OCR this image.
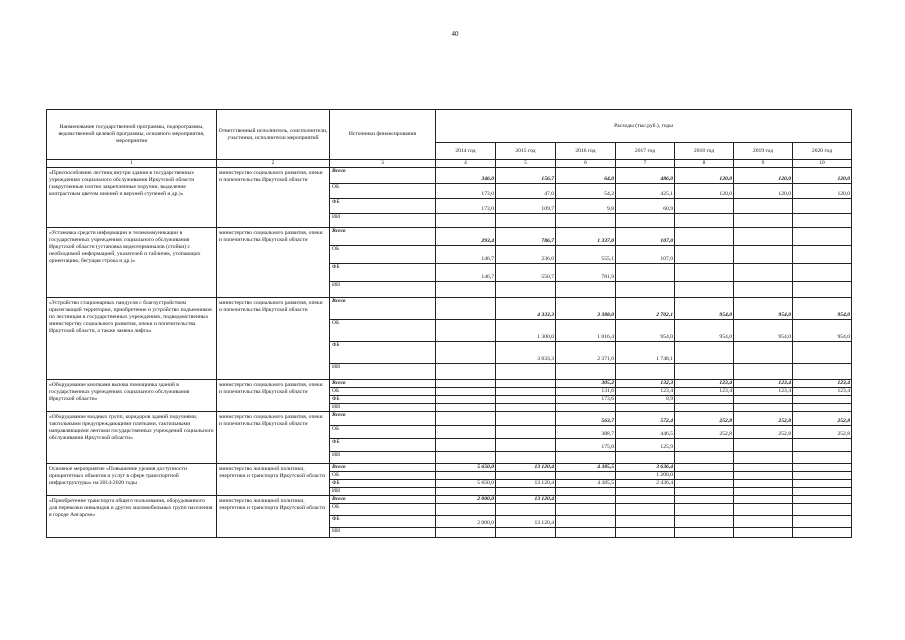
40
Наименование государственной программы, подпрограммы, ведомственной целевой программы, основного мероприятия, мероприятия	Ответственный исполнитель, соисполнители, участники, исполнители мероприятий	Источники финансирования	Расходы (тыс.руб.), годы						
			2014 год	2015 год	2016 год	2017 год	2018 год	2019 год	2020 год
1	2	3	4	5	6	7	8	9	10
«Приспособление лестниц внутри здания в государственных учреждениях социального обслуживания Иркутской области (закругленные плотно закрепленные поручни, выделение контрастным цветом нижней и верхней ступеней и др.)»	министерство социального развития, опеки и попечительства Иркутской области	Всего	346,0	156,7	64,0	486,0	120,0	120,0	120,0
		ОБ	173,0	47,0	54,2	425,1	120,0	120,0	120,0
		ФБ	173,0	109,7	9,8	60,9			
		ИИ							
«Установка средств информации и телекоммуникации в государственных учреждениях социального обслуживания Иркутской области (установка видеотерминалов (стойки) с необходимой информацией, указателей и табличек, утопающих ориентацию, бегущая строка и др.)»	министерство социального развития, опеки и попечительства Иркутской области	Всего	293,4	786,7	1 337,0	107,0			
		ОБ	146,7	236,0	555,1	107,0			
		ФБ	146,7	550,7	781,9				
		ИИ							
«Устройство стационарных пандусов с благоустройством прилегающей территории, приобретение и устройство подъемников по лестницам в государственных учреждениях, подведомственных министерству социального развития, опеки и попечительства Иркутской области, а также замена лифта»	министерство социального развития, опеки и попечительства Иркутской области	Всего		4 333,3	3 388,0	2 702,1	954,0	954,0	954,0
		ОБ		1 300,0	1 016,4	954,0	954,0	954,0	954,0
		ФБ		3 033,3	2 371,6	1 748,1			
		ИИ							
«Оборудование кнопками вызова помощника зданий в государственных учреждениях социального обслуживания Иркутской области»	министерство социального развития, опеки и попечительства Иркутской области	Всего			305,2	132,3	123,4	123,4	123,4
		ОБ			131,6	123,4	123,4	123,4	123,4
		ФБ			173,6	8,9			
		ИИ							
«Оборудование входных групп, коридоров зданий поручнями, тактильными предупреждающими плитками, тактильными направляющими лентами государственных учреждений социального обслуживания Иркутской области»	министерство социального развития, опеки и попечительства Иркутской области	Всего			563,7	572,4	252,8	252,8	252,8
		ОБ			388,7	446,5	252,8	252,8	252,8
		ФБ			175,0	125,9			
		ИИ							
Основное мероприятие «Повышение уровня доступности приоритетных объектов и услуг в сфере транспортной инфраструктуры» на 2014-2020 годы	министерство жилищной политики, энергетики и транспорта Иркутской области	Всего	5 650,0	13 120,4	4 385,5	3 636,4			
		ОБ				1 200,0			
		ФБ	5 650,0	13 120,4	4 385,5	2 436,4			
		ИИ							
«Приобретение транспорта общего пользования, оборудованного для перевозки инвалидов и других маломобильных групп населения в городе Ангарске»	министерство жилищной политики, энергетики и транспорта Иркутской области	Всего	2 000,0	13 120,4					
		ОБ							
		ФБ	2 000,0	13 120,4					
		ИИ							
